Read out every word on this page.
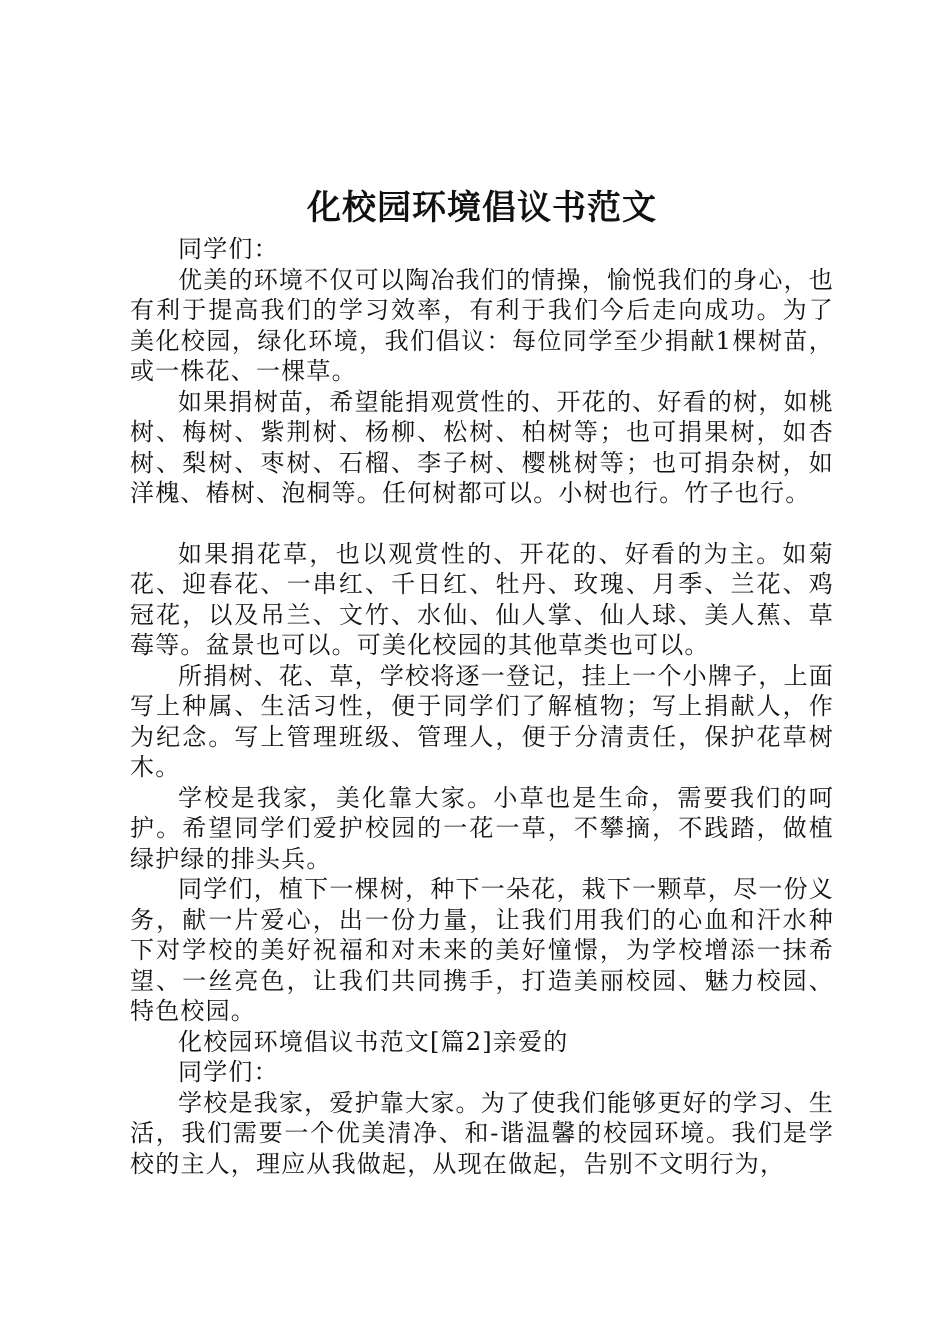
化校园环境倡议书范文

同学们：

优美的环境不仅可以陶冶我们的情操，愉悦我们的身心，也有利于提高我们的学习效率，有利于我们今后走向成功。为了美化校园，绿化环境，我们倡议：每位同学至少捐献1棵树苗，或一株花、一棵草。

如果捐树苗，希望能捐观赏性的、开花的、好看的树，如桃树、梅树、紫荆树、杨柳、松树、柏树等；也可捐果树，如杏树、梨树、枣树、石榴、李子树、樱桃树等；也可捐杂树，如洋槐、椿树、泡桐等。任何树都可以。小树也行。竹子也行。

如果捐花草，也以观赏性的、开花的、好看的为主。如菊花、迎春花、一串红、千日红、牡丹、玫瑰、月季、兰花、鸡冠花，以及吊兰、文竹、水仙、仙人掌、仙人球、美人蕉、草莓等。盆景也可以。可美化校园的其他草类也可以。

所捐树、花、草，学校将逐一登记，挂上一个小牌子，上面写上种属、生活习性，便于同学们了解植物；写上捐献人，作为纪念。写上管理班级、管理人，便于分清责任，保护花草树木。

学校是我家，美化靠大家。小草也是生命，需要我们的呵护。希望同学们爱护校园的一花一草，不攀摘，不践踏，做植绿护绿的排头兵。

同学们，植下一棵树，种下一朵花，栽下一颗草，尽一份义务，献一片爱心，出一份力量，让我们用我们的心血和汗水种下对学校的美好祝福和对未来的美好憧憬，为学校增添一抹希望、一丝亮色，让我们共同携手，打造美丽校园、魅力校园、特色校园。

化校园环境倡议书范文[篇2]亲爱的

同学们：

学校是我家，爱护靠大家。为了使我们能够更好的学习、生活，我们需要一个优美清净、和-谐温馨的校园环境。我们是学校的主人，理应从我做起，从现在做起，告别不文明行为，
